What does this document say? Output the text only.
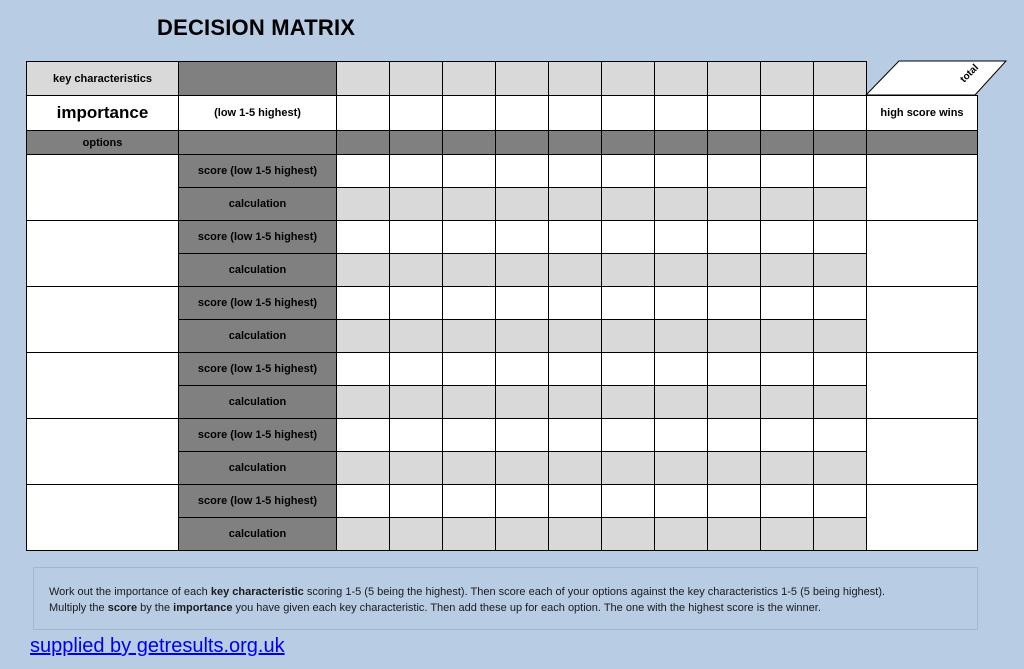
DECISION MATRIX
key characteristics
importance	(low 1-5 highest)	high score wins
options
score (low 1-5 highest)
calculation
score (low 1-5 highest)
calculation
score (low 1-5 highest)
calculation
score (low 1-5 highest)
calculation
score (low 1-5 highest)
calculation
score (low 1-5 highest)
calculation
total
Work out the importance of each key characteristic scoring 1-5 (5 being the highest). Then score each of your options against the key characteristics 1-5 (5 being highest).
Multiply the score by the importance you have given each key characteristic. Then add these up for each option. The one with the highest score is the winner.
supplied by getresults.org.uk
